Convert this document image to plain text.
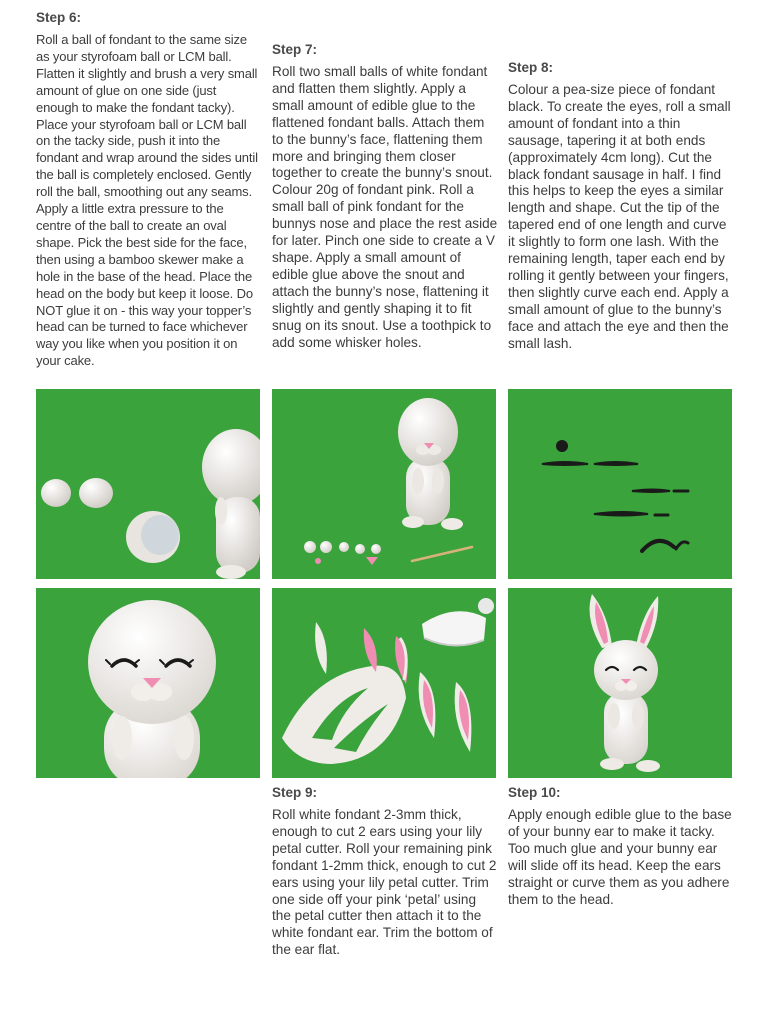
Step 6:

Roll a ball of fondant to the same size as your styrofoam ball or LCM ball. Flatten it slightly and brush a very small amount of glue on one side (just enough to make the fondant tacky). Place your styrofoam ball or LCM ball on the tacky side, push it into the fondant and wrap around the sides until the ball is completely enclosed. Gently roll the ball, smoothing out any seams. Apply a little extra pressure to the centre of the ball to create an oval shape. Pick the best side for the face, then using a bamboo skewer make a hole in the base of the head. Place the head on the body but keep it loose. Do NOT glue it on - this way your topper’s head can be turned to face whichever way you like when you position it on your cake.

Step 7:

Roll two small balls of white fondant and flatten them slightly. Apply a small amount of edible glue to the flattened fondant balls. Attach them to the bunny’s face, flattening them more and bringing them closer together to create the bunny’s snout. Colour 20g of fondant pink. Roll a small ball of pink fondant for the bunnys nose and place the rest aside for later. Pinch one side to create a V shape. Apply a small amount of edible glue above the snout and attach the bunny’s nose, flattening it slightly and gently shaping it to fit snug on its snout. Use a toothpick to add some whisker holes.

Step 8:

Colour a pea-size piece of fondant black. To create the eyes, roll a small amount of fondant into a thin sausage, tapering it at both ends (approximately 4cm long). Cut the black fondant sausage in half. I find this helps to keep the eyes a similar length and shape. Cut the tip of the tapered end of one length and curve it slightly to form one lash. With the remaining length, taper each end by rolling it gently between your fingers, then slightly curve each end. Apply a small amount of glue to the bunny’s face and attach the eye and then the small lash.

Step 9:

Roll white fondant 2-3mm thick, enough to cut 2 ears using your lily petal cutter. Roll your remaining pink fondant 1-2mm thick, enough to cut 2 ears using your lily petal cutter. Trim one side off your pink ‘petal’ using the petal cutter then attach it to the white fondant ear. Trim the bottom of the ear flat.

Step 10:

Apply enough edible glue to the base of your bunny ear to make it tacky. Too much glue and your bunny ear will slide off its head. Keep the ears straight or curve them as you adhere them to the head.
